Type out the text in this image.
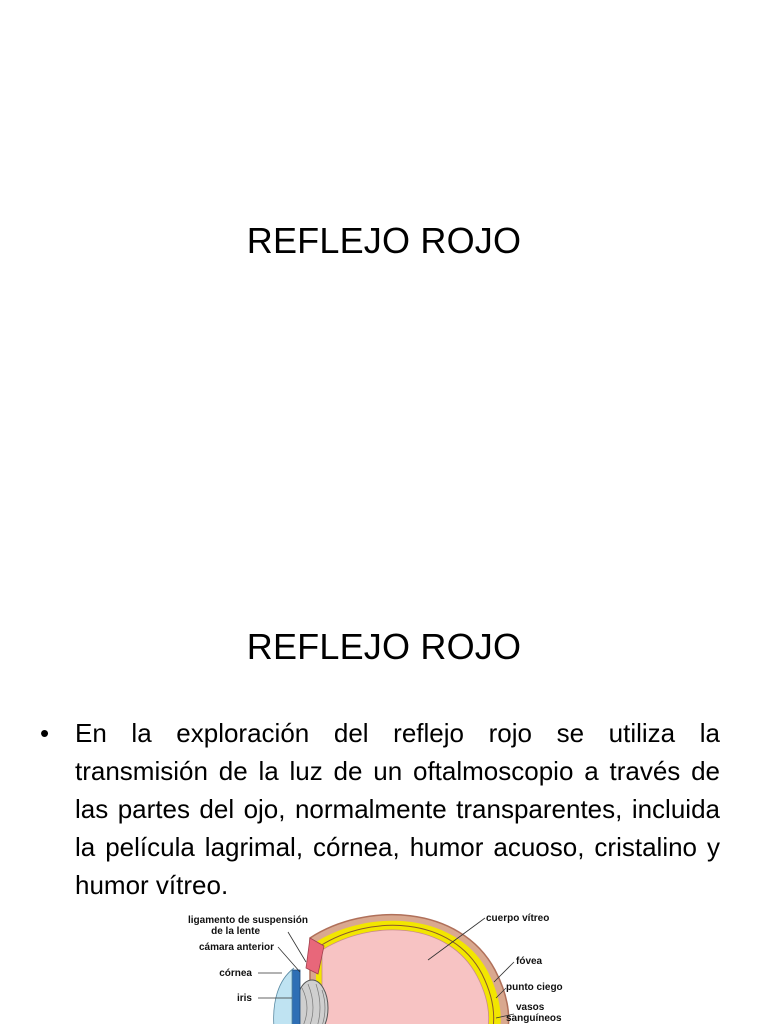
REFLEJO ROJO
REFLEJO ROJO
• En la exploración del reflejo rojo se utiliza la transmisión de la luz de un oftalmoscopio a través de las partes del ojo, normalmente transparentes, incluida la película lagrimal, córnea, humor acuoso, cristalino y humor vítreo.
ligamento de suspensión
de la lente
cámara anterior
córnea
iris
cuerpo vítreo
fóvea
punto ciego
vasos
sanguíneos
